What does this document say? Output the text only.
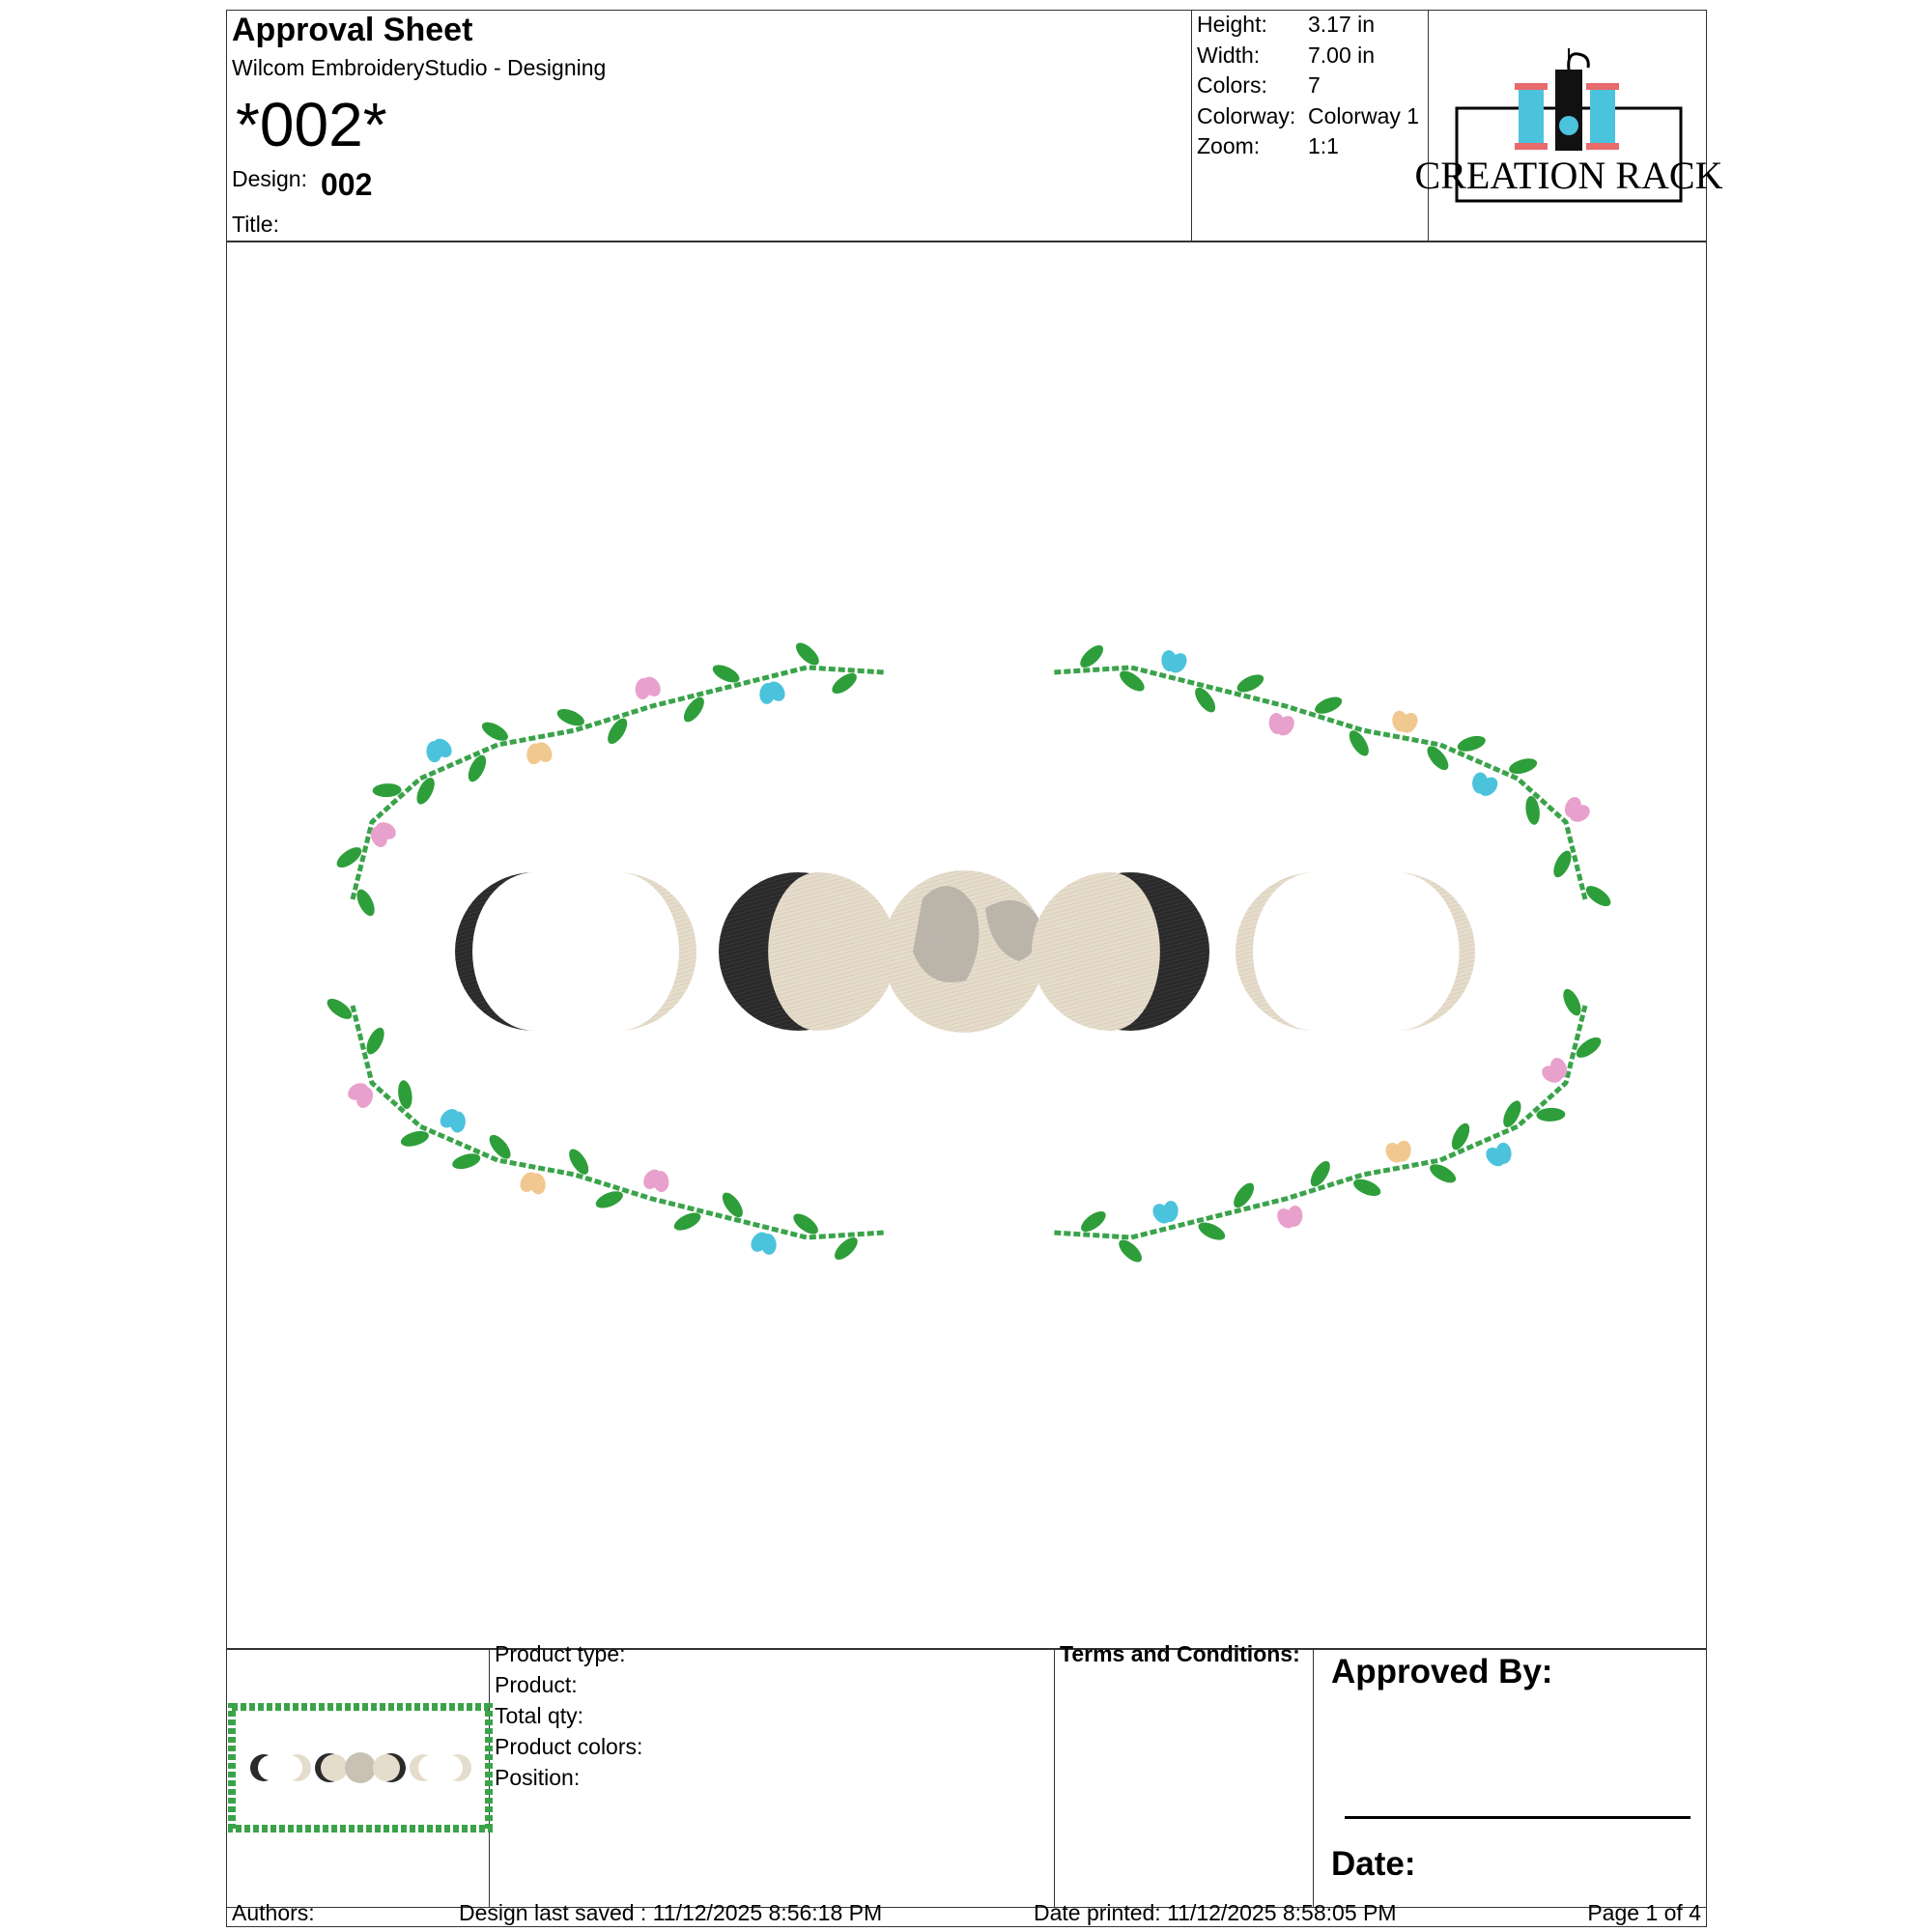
Approval Sheet
Wilcom EmbroideryStudio - Designing
*002*
Design: 002
Title:
Height: 3.17 in
Width: 7.00 in
Colors: 7
Colorway: Colorway 1
Zoom: 1:1
CREATION RACK
Product type:
Product:
Total qty:
Product colors:
Position:
Terms and Conditions: Approved By:
Date:
Authors:	Design last saved : 11/12/2025 8:56:18 PM	Date printed: 11/12/2025 8:58:05 PM	Page 1 of 4
